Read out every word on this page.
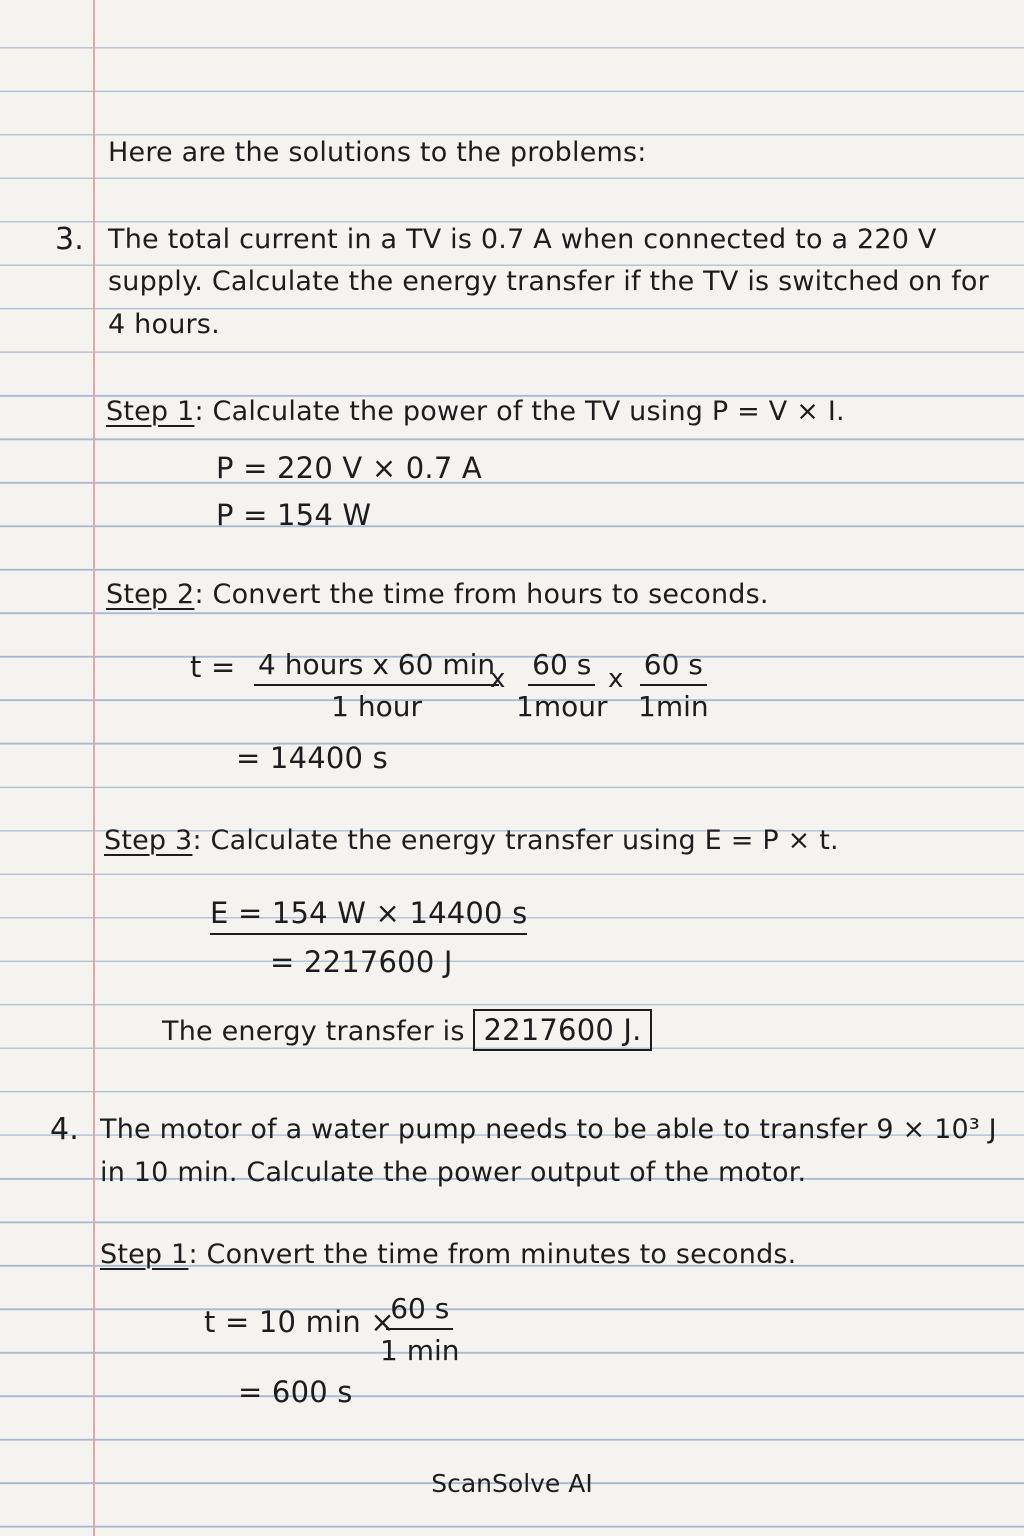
Here are the solutions to the problems:
3. The total current in a TV is 0.7 A when connected to a 220 V
supply. Calculate the energy transfer if the TV is switched on for
4 hours.
Step 1: Calculate the power of the TV using P = V × I.
P = 220 V × 0.7 A
P = 154 W
Step 2: Convert the time from hours to seconds.
t = 4 hours x 60 min
1 hour
x 60 s
1mour
x 60 s
1min
= 14400 s
Step 3: Calculate the energy transfer using E = P × t.
E = 154 W × 14400 s
= 2217600 J
The energy transfer is 2217600 J.
4. The motor of a water pump needs to be able to transfer 9 × 10³ J
in 10 min. Calculate the power output of the motor.
Step 1: Convert the time from minutes to seconds.
t = 10 min ×
60 s
1 min
= 600 s
ScanSolve AI
